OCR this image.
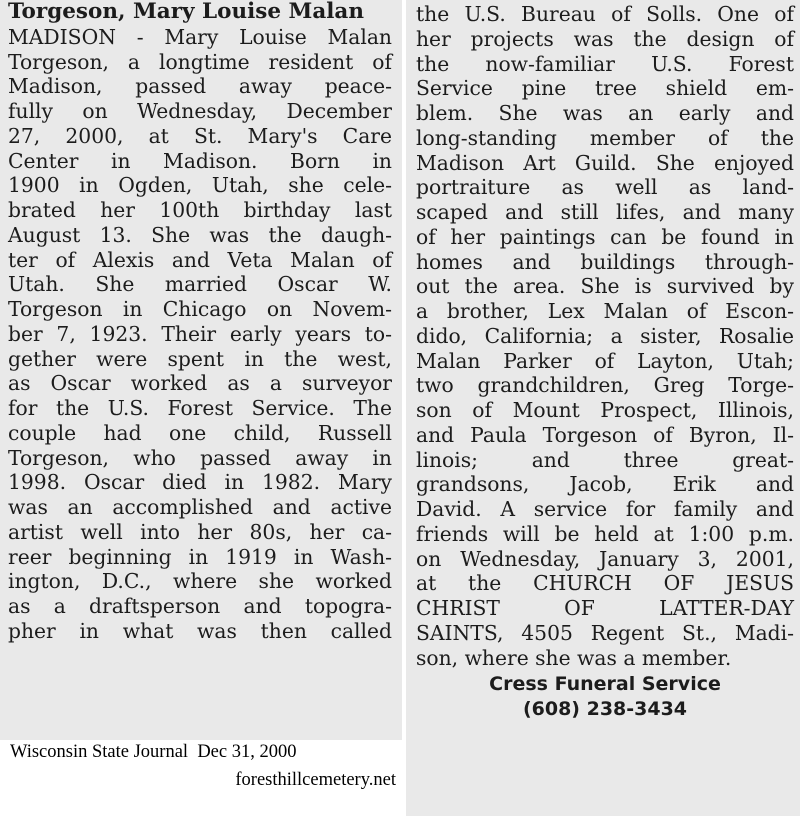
Torgeson, Mary Louise Malan
MADISON - Mary Louise Malan
Torgeson, a longtime resident of
Madison, passed away peace-
fully on Wednesday, December
27, 2000, at St. Mary's Care
Center in Madison. Born in
1900 in Ogden, Utah, she cele-
brated her 100th birthday last
August 13. She was the daugh-
ter of Alexis and Veta Malan of
Utah. She married Oscar W.
Torgeson in Chicago on Novem-
ber 7, 1923. Their early years to-
gether were spent in the west,
as Oscar worked as a surveyor
for the U.S. Forest Service. The
couple had one child, Russell
Torgeson, who passed away in
1998. Oscar died in 1982. Mary
was an accomplished and active
artist well into her 80s, her ca-
reer beginning in 1919 in Wash-
ington, D.C., where she worked
as a draftsperson and topogra-
pher in what was then called
the U.S. Bureau of Solls. One of
her projects was the design of
the now-familiar U.S. Forest
Service pine tree shield em-
blem. She was an early and
long-standing member of the
Madison Art Guild. She enjoyed
portraiture as well as land-
scaped and still lifes, and many
of her paintings can be found in
homes and buildings through-
out the area. She is survived by
a brother, Lex Malan of Escon-
dido, California; a sister, Rosalie
Malan Parker of Layton, Utah;
two grandchildren, Greg Torge-
son of Mount Prospect, Illinois,
and Paula Torgeson of Byron, Il-
linois; and three great-
grandsons, Jacob, Erik and
David. A service for family and
friends will be held at 1:00 p.m.
on Wednesday, January 3, 2001,
at the CHURCH OF JESUS
CHRIST OF LATTER-DAY
SAINTS, 4505 Regent St., Madi-
son, where she was a member.
Cress Funeral Service
(608) 238-3434
Wisconsin State Journal  Dec 31, 2000
foresthillcemetery.net
